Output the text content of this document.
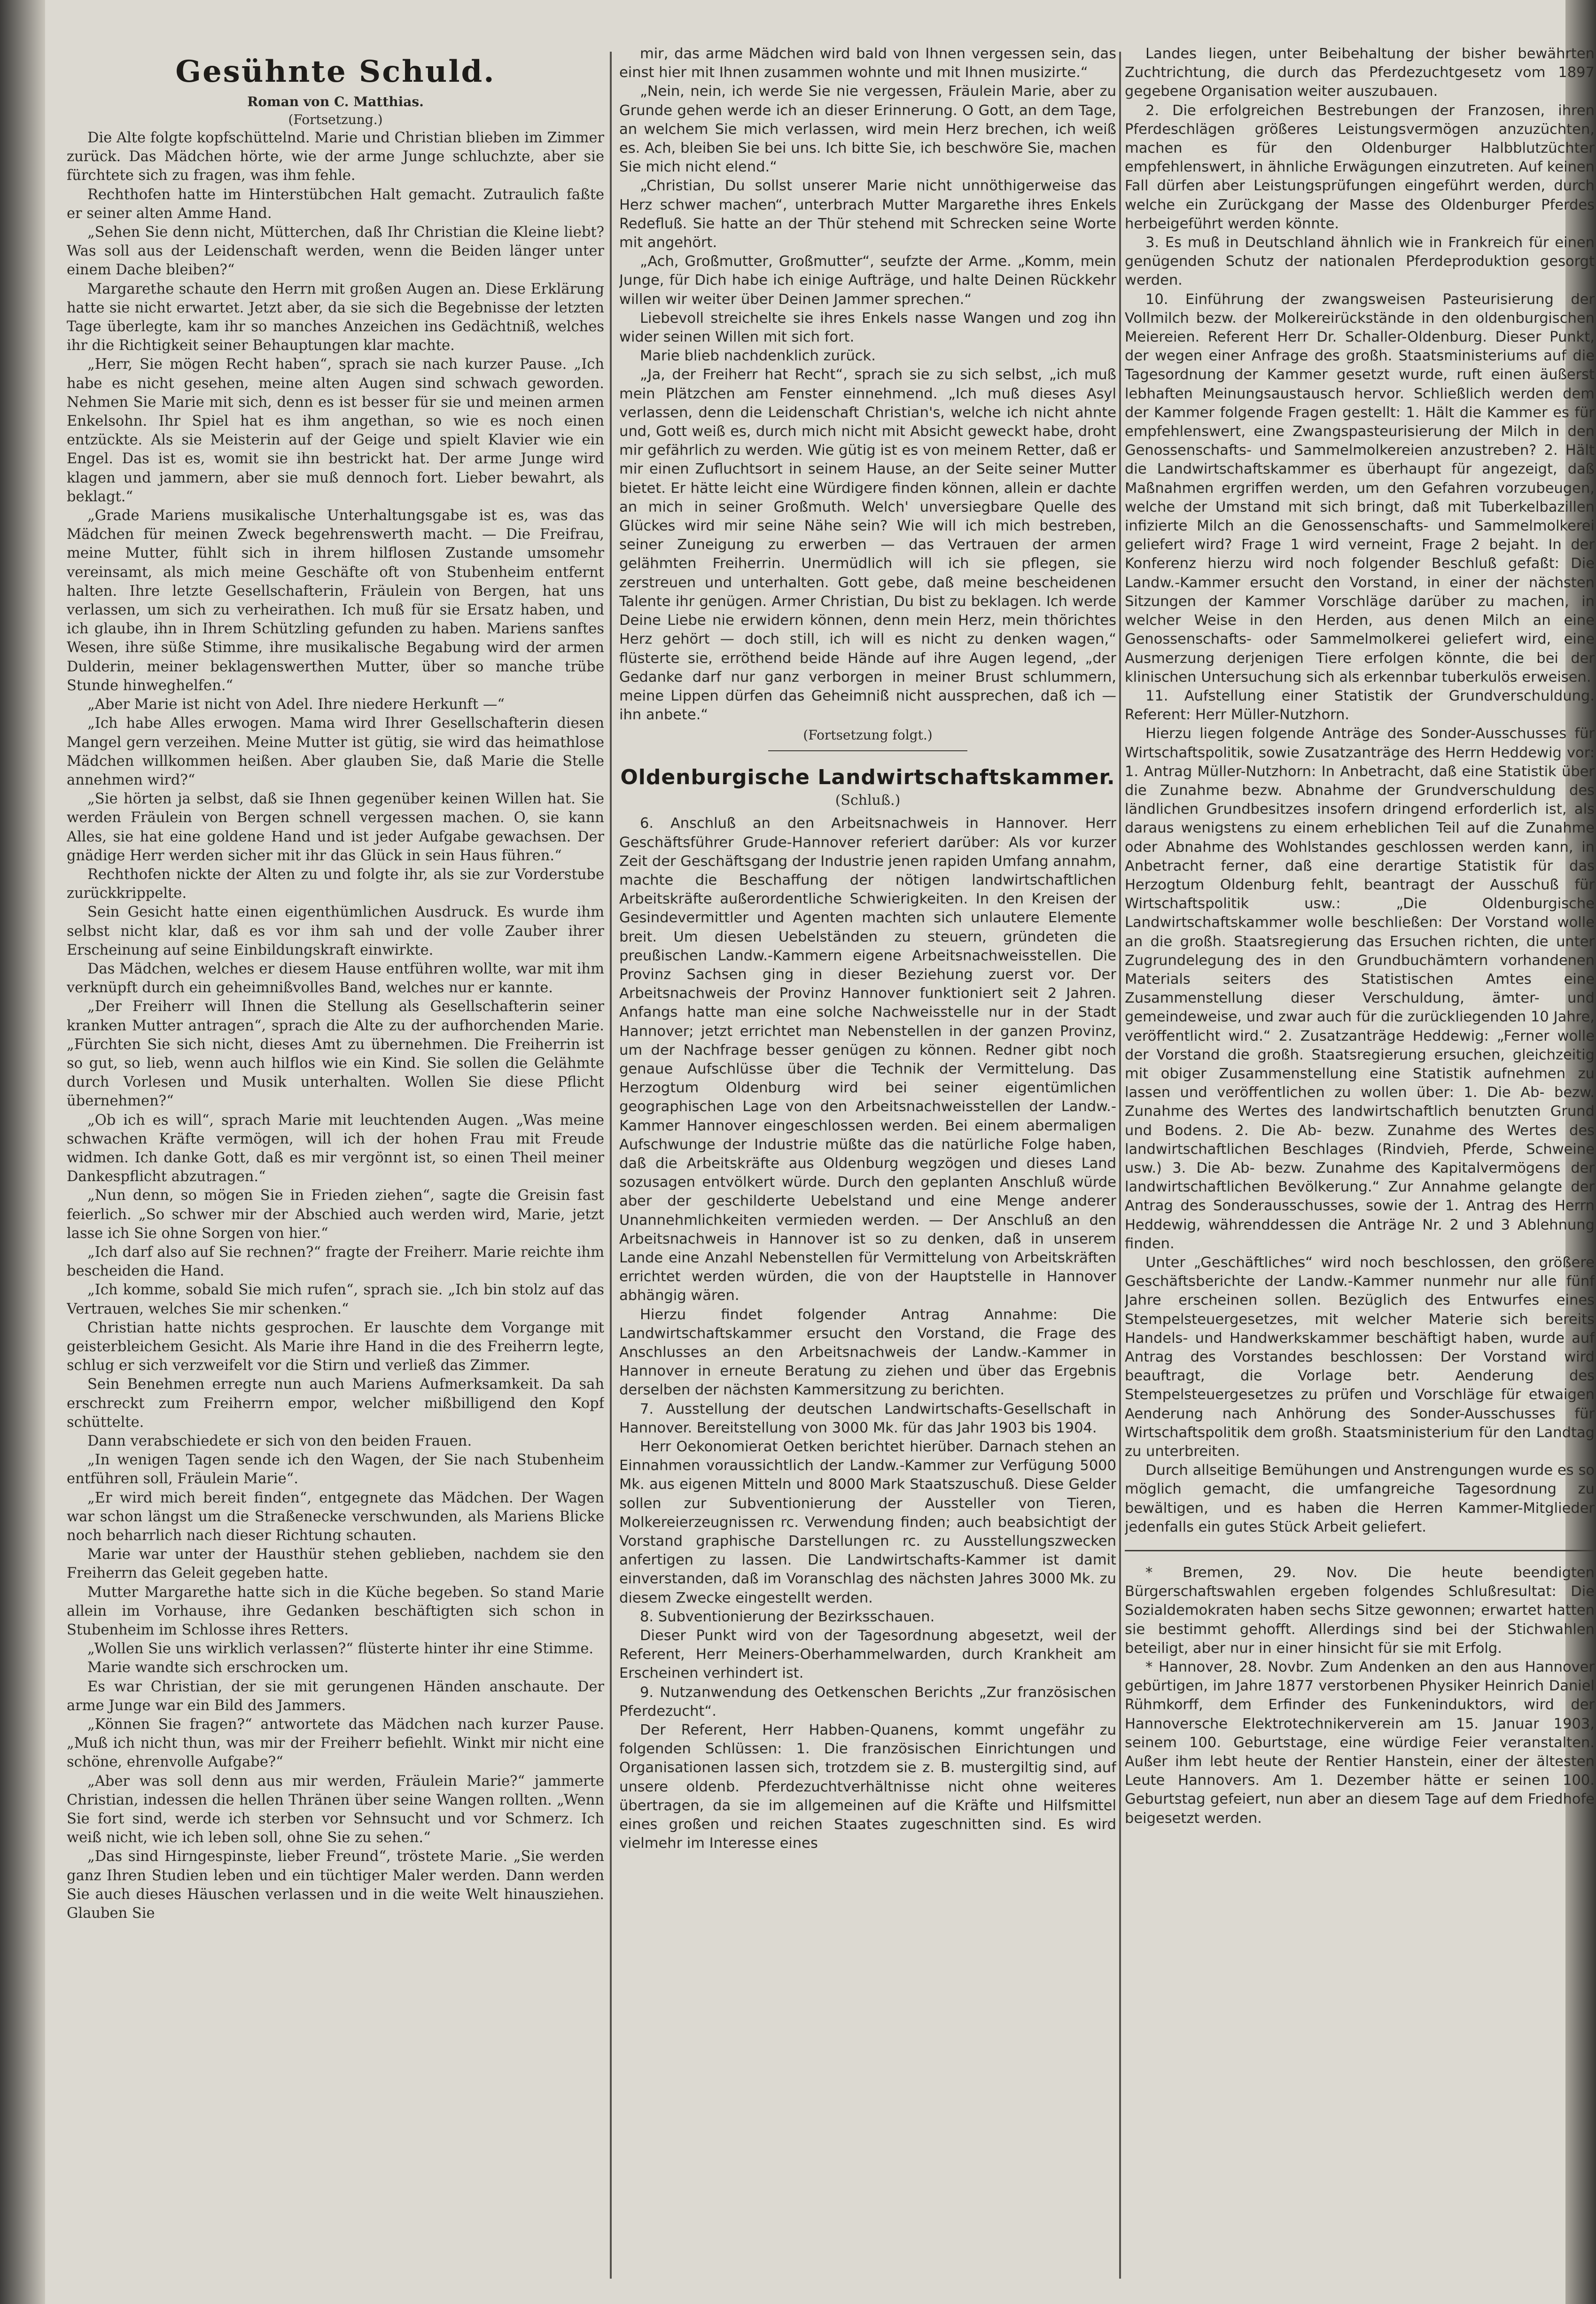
Gesühnte Schuld.
Roman von C. Matthias.
(Fortsetzung.)

Die Alte folgte kopfschüttelnd. Marie und Christian blieben im Zimmer zurück. Das Mädchen hörte, wie der arme Junge schluchzte, aber sie fürchtete sich zu fragen, was ihm fehle.

Rechthofen hatte im Hinterstübchen Halt gemacht. Zutraulich faßte er seiner alten Amme Hand.

„Sehen Sie denn nicht, Mütterchen, daß Ihr Christian die Kleine liebt? Was soll aus der Leidenschaft werden, wenn die Beiden länger unter einem Dache bleiben?“

Margarethe schaute den Herrn mit großen Augen an. Diese Erklärung hatte sie nicht erwartet. Jetzt aber, da sie sich die Begebnisse der letzten Tage überlegte, kam ihr so manches Anzeichen ins Gedächtniß, welches ihr die Richtigkeit seiner Behauptungen klar machte.

„Herr, Sie mögen Recht haben“, sprach sie nach kurzer Pause. „Ich habe es nicht gesehen, meine alten Augen sind schwach geworden. Nehmen Sie Marie mit sich, denn es ist besser für sie und meinen armen Enkelsohn. Ihr Spiel hat es ihm angethan, so wie es noch einen entzückte. Als sie Meisterin auf der Geige und spielt Klavier wie ein Engel. Das ist es, womit sie ihn bestrickt hat. Der arme Junge wird klagen und jammern, aber sie muß dennoch fort. Lieber bewahrt, als beklagt.“

„Grade Mariens musikalische Unterhaltungsgabe ist es, was das Mädchen für meinen Zweck begehrenswerth macht. — Die Freifrau, meine Mutter, fühlt sich in ihrem hilflosen Zustande umsomehr vereinsamt, als mich meine Geschäfte oft von Stubenheim entfernt halten. Ihre letzte Gesellschafterin, Fräulein von Bergen, hat uns verlassen, um sich zu verheirathen. Ich muß für sie Ersatz haben, und ich glaube, ihn in Ihrem Schützling gefunden zu haben. Mariens sanftes Wesen, ihre süße Stimme, ihre musikalische Begabung wird der armen Dulderin, meiner beklagenswerthen Mutter, über so manche trübe Stunde hinweghelfen.“

„Aber Marie ist nicht von Adel. Ihre niedere Herkunft —“

„Ich habe Alles erwogen. Mama wird Ihrer Gesellschafterin diesen Mangel gern verzeihen. Meine Mutter ist gütig, sie wird das heimathlose Mädchen willkommen heißen. Aber glauben Sie, daß Marie die Stelle annehmen wird?“

„Sie hörten ja selbst, daß sie Ihnen gegenüber keinen Willen hat. Sie werden Fräulein von Bergen schnell vergessen machen. O, sie kann Alles, sie hat eine goldene Hand und ist jeder Aufgabe gewachsen. Der gnädige Herr werden sicher mit ihr das Glück in sein Haus führen.“

Rechthofen nickte der Alten zu und folgte ihr, als sie zur Vorderstube zurückkrippelte.

Sein Gesicht hatte einen eigenthümlichen Ausdruck. Es wurde ihm selbst nicht klar, daß es vor ihm sah und der volle Zauber ihrer Erscheinung auf seine Einbildungskraft einwirkte.

Das Mädchen, welches er diesem Hause entführen wollte, war mit ihm verknüpft durch ein geheimnißvolles Band, welches nur er kannte.

„Der Freiherr will Ihnen die Stellung als Gesellschafterin seiner kranken Mutter antragen“, sprach die Alte zu der aufhorchenden Marie. „Fürchten Sie sich nicht, dieses Amt zu übernehmen. Die Freiherrin ist so gut, so lieb, wenn auch hilflos wie ein Kind. Sie sollen die Gelähmte durch Vorlesen und Musik unterhalten. Wollen Sie diese Pflicht übernehmen?“

„Ob ich es will“, sprach Marie mit leuchtenden Augen. „Was meine schwachen Kräfte vermögen, will ich der hohen Frau mit Freude widmen. Ich danke Gott, daß es mir vergönnt ist, so einen Theil meiner Dankespflicht abzutragen.“

„Nun denn, so mögen Sie in Frieden ziehen“, sagte die Greisin fast feierlich. „So schwer mir der Abschied auch werden wird, Marie, jetzt lasse ich Sie ohne Sorgen von hier.“

„Ich darf also auf Sie rechnen?“ fragte der Freiherr. Marie reichte ihm bescheiden die Hand.

„Ich komme, sobald Sie mich rufen“, sprach sie. „Ich bin stolz auf das Vertrauen, welches Sie mir schenken.“

Christian hatte nichts gesprochen. Er lauschte dem Vorgange mit geisterbleichem Gesicht. Als Marie ihre Hand in die des Freiherrn legte, schlug er sich verzweifelt vor die Stirn und verließ das Zimmer.

Sein Benehmen erregte nun auch Mariens Aufmerksamkeit. Da sah erschreckt zum Freiherrn empor, welcher mißbilligend den Kopf schüttelte.

Dann verabschiedete er sich von den beiden Frauen.

„In wenigen Tagen sende ich den Wagen, der Sie nach Stubenheim entführen soll, Fräulein Marie“.

„Er wird mich bereit finden“, entgegnete das Mädchen. Der Wagen war schon längst um die Straßenecke verschwunden, als Mariens Blicke noch beharrlich nach dieser Richtung schauten.

Marie war unter der Hausthür stehen geblieben, nachdem sie den Freiherrn das Geleit gegeben hatte.

Mutter Margarethe hatte sich in die Küche begeben. So stand Marie allein im Vorhause, ihre Gedanken beschäftigten sich schon in Stubenheim im Schlosse ihres Retters.

„Wollen Sie uns wirklich verlassen?“ flüsterte hinter ihr eine Stimme.

Marie wandte sich erschrocken um.

Es war Christian, der sie mit gerungenen Händen anschaute. Der arme Junge war ein Bild des Jammers.

„Können Sie fragen?“ antwortete das Mädchen nach kurzer Pause. „Muß ich nicht thun, was mir der Freiherr befiehlt. Winkt mir nicht eine schöne, ehrenvolle Aufgabe?“

„Aber was soll denn aus mir werden, Fräulein Marie?“ jammerte Christian, indessen die hellen Thränen über seine Wangen rollten. „Wenn Sie fort sind, werde ich sterben vor Sehnsucht und vor Schmerz. Ich weiß nicht, wie ich leben soll, ohne Sie zu sehen.“

„Das sind Hirngespinste, lieber Freund“, tröstete Marie. „Sie werden ganz Ihren Studien leben und ein tüchtiger Maler werden. Dann werden Sie auch dieses Häuschen verlassen und in die weite Welt hinausziehen. Glauben Sie

mir, das arme Mädchen wird bald von Ihnen vergessen sein, das einst hier mit Ihnen zusammen wohnte und mit Ihnen musizirte.“

„Nein, nein, ich werde Sie nie vergessen, Fräulein Marie, aber zu Grunde gehen werde ich an dieser Erinnerung. O Gott, an dem Tage, an welchem Sie mich verlassen, wird mein Herz brechen, ich weiß es. Ach, bleiben Sie bei uns. Ich bitte Sie, ich beschwöre Sie, machen Sie mich nicht elend.“

„Christian, Du sollst unserer Marie nicht unnöthigerweise das Herz schwer machen“, unterbrach Mutter Margarethe ihres Enkels Redefluß. Sie hatte an der Thür stehend mit Schrecken seine Worte mit angehört.

„Ach, Großmutter, Großmutter“, seufzte der Arme. „Komm, mein Junge, für Dich habe ich einige Aufträge, und halte Deinen Rückkehr willen wir weiter über Deinen Jammer sprechen.“

Liebevoll streichelte sie ihres Enkels nasse Wangen und zog ihn wider seinen Willen mit sich fort.

Marie blieb nachdenklich zurück.

„Ja, der Freiherr hat Recht“, sprach sie zu sich selbst, „ich muß mein Plätzchen am Fenster einnehmend. „Ich muß dieses Asyl verlassen, denn die Leidenschaft Christian's, welche ich nicht ahnte und, Gott weiß es, durch mich nicht mit Absicht geweckt habe, droht mir gefährlich zu werden. Wie gütig ist es von meinem Retter, daß er mir einen Zufluchtsort in seinem Hause, an der Seite seiner Mutter bietet. Er hätte leicht eine Würdigere finden können, allein er dachte an mich in seiner Großmuth. Welch' unversiegbare Quelle des Glückes wird mir seine Nähe sein? Wie will ich mich bestreben, seiner Zuneigung zu erwerben — das Vertrauen der armen gelähmten Freiherrin. Unermüdlich will ich sie pflegen, sie zerstreuen und unterhalten. Gott gebe, daß meine bescheidenen Talente ihr genügen. Armer Christian, Du bist zu beklagen. Ich werde Deine Liebe nie erwidern können, denn mein Herz, mein thörichtes Herz gehört — doch still, ich will es nicht zu denken wagen,“ flüsterte sie, erröthend beide Hände auf ihre Augen legend, „der Gedanke darf nur ganz verborgen in meiner Brust schlummern, meine Lippen dürfen das Geheimniß nicht aussprechen, daß ich — ihn anbete.“

(Fortsetzung folgt.)
Oldenburgische Landwirtschaftskammer.
(Schluß.)

6. Anschluß an den Arbeitsnachweis in Hannover. Herr Geschäftsführer Grude-Hannover referiert darüber: Als vor kurzer Zeit der Geschäftsgang der Industrie jenen rapiden Umfang annahm, machte die Beschaffung der nötigen landwirtschaftlichen Arbeitskräfte außerordentliche Schwierigkeiten. In den Kreisen der Gesindevermittler und Agenten machten sich unlautere Elemente breit. Um diesen Uebelständen zu steuern, gründeten die preußischen Landw.-Kammern eigene Arbeitsnachweisstellen. Die Provinz Sachsen ging in dieser Beziehung zuerst vor. Der Arbeitsnachweis der Provinz Hannover funktioniert seit 2 Jahren. Anfangs hatte man eine solche Nachweisstelle nur in der Stadt Hannover; jetzt errichtet man Nebenstellen in der ganzen Provinz, um der Nachfrage besser genügen zu können. Redner gibt noch genaue Aufschlüsse über die Technik der Vermittelung. Das Herzogtum Oldenburg wird bei seiner eigentümlichen geographischen Lage von den Arbeitsnachweisstellen der Landw.-Kammer Hannover eingeschlossen werden. Bei einem abermaligen Aufschwunge der Industrie müßte das die natürliche Folge haben, daß die Arbeitskräfte aus Oldenburg wegzögen und dieses Land sozusagen entvölkert würde. Durch den geplanten Anschluß würde aber der geschilderte Uebelstand und eine Menge anderer Unannehmlichkeiten vermieden werden. — Der Anschluß an den Arbeitsnachweis in Hannover ist so zu denken, daß in unserem Lande eine Anzahl Nebenstellen für Vermittelung von Arbeitskräften errichtet werden würden, die von der Hauptstelle in Hannover abhängig wären.

Hierzu findet folgender Antrag Annahme: Die Landwirtschaftskammer ersucht den Vorstand, die Frage des Anschlusses an den Arbeitsnachweis der Landw.-Kammer in Hannover in erneute Beratung zu ziehen und über das Ergebnis derselben der nächsten Kammersitzung zu berichten.

7. Ausstellung der deutschen Landwirtschafts-Gesellschaft in Hannover. Bereitstellung von 3000 Mk. für das Jahr 1903 bis 1904.

Herr Oekonomierat Oetken berichtet hierüber. Darnach stehen an Einnahmen voraussichtlich der Landw.-Kammer zur Verfügung 5000 Mk. aus eigenen Mitteln und 8000 Mark Staatszuschuß. Diese Gelder sollen zur Subventionierung der Aussteller von Tieren, Molkereierzeugnissen rc. Verwendung finden; auch beabsichtigt der Vorstand graphische Darstellungen rc. zu Ausstellungszwecken anfertigen zu lassen. Die Landwirtschafts-Kammer ist damit einverstanden, daß im Voranschlag des nächsten Jahres 3000 Mk. zu diesem Zwecke eingestellt werden.

8. Subventionierung der Bezirksschauen.

Dieser Punkt wird von der Tagesordnung abgesetzt, weil der Referent, Herr Meiners-Oberhammelwarden, durch Krankheit am Erscheinen verhindert ist.

9. Nutzanwendung des Oetkenschen Berichts „Zur französischen Pferdezucht“.

Der Referent, Herr Habben-Quanens, kommt ungefähr zu folgenden Schlüssen: 1. Die französischen Einrichtungen und Organisationen lassen sich, trotzdem sie z. B. mustergiltig sind, auf unsere oldenb. Pferdezuchtverhältnisse nicht ohne weiteres übertragen, da sie im allgemeinen auf die Kräfte und Hilfsmittel eines großen und reichen Staates zugeschnitten sind. Es wird vielmehr im Interesse eines

Landes liegen, unter Beibehaltung der bisher bewährten Zuchtrichtung, die durch das Pferdezuchtgesetz vom 1897 gegebene Organisation weiter auszubauen.

2. Die erfolgreichen Bestrebungen der Franzosen, ihren Pferdeschlägen größeres Leistungsvermögen anzuzüchten, machen es für den Oldenburger Halbblutzüchter empfehlenswert, in ähnliche Erwägungen einzutreten. Auf keinen Fall dürfen aber Leistungsprüfungen eingeführt werden, durch welche ein Zurückgang der Masse des Oldenburger Pferdes herbeigeführt werden könnte.

3. Es muß in Deutschland ähnlich wie in Frankreich für einen genügenden Schutz der nationalen Pferdeproduktion gesorgt werden.

10. Einführung der zwangsweisen Pasteurisierung der Vollmilch bezw. der Molkereirückstände in den oldenburgischen Meiereien. Referent Herr Dr. Schaller-Oldenburg. Dieser Punkt, der wegen einer Anfrage des großh. Staatsministeriums auf die Tagesordnung der Kammer gesetzt wurde, ruft einen äußerst lebhaften Meinungsaustausch hervor. Schließlich werden dem der Kammer folgende Fragen gestellt: 1. Hält die Kammer es für empfehlenswert, eine Zwangspasteurisierung der Milch in den Genossenschafts- und Sammelmolkereien anzustreben? 2. Hält die Landwirtschaftskammer es überhaupt für angezeigt, daß Maßnahmen ergriffen werden, um den Gefahren vorzubeugen, welche der Umstand mit sich bringt, daß mit Tuberkelbazillen infizierte Milch an die Genossenschafts- und Sammelmolkerei geliefert wird? Frage 1 wird verneint, Frage 2 bejaht. In der Konferenz hierzu wird noch folgender Beschluß gefaßt: Die Landw.-Kammer ersucht den Vorstand, in einer der nächsten Sitzungen der Kammer Vorschläge darüber zu machen, in welcher Weise in den Herden, aus denen Milch an eine Genossenschafts- oder Sammelmolkerei geliefert wird, eine Ausmerzung derjenigen Tiere erfolgen könnte, die bei der klinischen Untersuchung sich als erkennbar tuberkulös erweisen.

11. Aufstellung einer Statistik der Grundverschuldung. Referent: Herr Müller-Nutzhorn.

Hierzu liegen folgende Anträge des Sonder-Ausschusses für Wirtschaftspolitik, sowie Zusatzanträge des Herrn Heddewig vor: 1. Antrag Müller-Nutzhorn: In Anbetracht, daß eine Statistik über die Zunahme bezw. Abnahme der Grundverschuldung des ländlichen Grundbesitzes insofern dringend erforderlich ist, als daraus wenigstens zu einem erheblichen Teil auf die Zunahme oder Abnahme des Wohlstandes geschlossen werden kann, in Anbetracht ferner, daß eine derartige Statistik für das Herzogtum Oldenburg fehlt, beantragt der Ausschuß für Wirtschaftspolitik usw.: „Die Oldenburgische Landwirtschaftskammer wolle beschließen: Der Vorstand wolle an die großh. Staatsregierung das Ersuchen richten, die unter Zugrundelegung des in den Grundbuchämtern vorhandenen Materials seiters des Statistischen Amtes eine Zusammenstellung dieser Verschuldung, ämter- und gemeindeweise, und zwar auch für die zurückliegenden 10 Jahre, veröffentlicht wird.“ 2. Zusatzanträge Heddewig: „Ferner wolle der Vorstand die großh. Staatsregierung ersuchen, gleichzeitig mit obiger Zusammenstellung eine Statistik aufnehmen zu lassen und veröffentlichen zu wollen über: 1. Die Ab- bezw. Zunahme des Wertes des landwirtschaftlich benutzten Grund und Bodens. 2. Die Ab- bezw. Zunahme des Wertes des landwirtschaftlichen Beschlages (Rindvieh, Pferde, Schweine usw.) 3. Die Ab- bezw. Zunahme des Kapitalvermögens der landwirtschaftlichen Bevölkerung.“ Zur Annahme gelangte der Antrag des Sonderausschusses, sowie der 1. Antrag des Herrn Heddewig, währenddessen die Anträge Nr. 2 und 3 Ablehnung finden.

Unter „Geschäftliches“ wird noch beschlossen, den größere Geschäftsberichte der Landw.-Kammer nunmehr nur alle fünf Jahre erscheinen sollen. Bezüglich des Entwurfes eines Stempelsteuergesetzes, mit welcher Materie sich bereits Handels- und Handwerkskammer beschäftigt haben, wurde auf Antrag des Vorstandes beschlossen: Der Vorstand wird beauftragt, die Vorlage betr. Aenderung des Stempelsteuergesetzes zu prüfen und Vorschläge für etwaigen Aenderung nach Anhörung des Sonder-Ausschusses für Wirtschaftspolitik dem großh. Staatsministerium für den Landtag zu unterbreiten.

Durch allseitige Bemühungen und Anstrengungen wurde es so möglich gemacht, die umfangreiche Tagesordnung zu bewältigen, und es haben die Herren Kammer-Mitglieder jedenfalls ein gutes Stück Arbeit geliefert.

* Bremen, 29. Nov. Die heute beendigten Bürgerschaftswahlen ergeben folgendes Schlußresultat: Die Sozialdemokraten haben sechs Sitze gewonnen; erwartet hatten sie bestimmt gehofft. Allerdings sind bei der Stichwahlen beteiligt, aber nur in einer hinsicht für sie mit Erfolg.

* Hannover, 28. Novbr. Zum Andenken an den aus Hannover gebürtigen, im Jahre 1877 verstorbenen Physiker Heinrich Daniel Rühmkorff, dem Erfinder des Funkeninduktors, wird der Hannoversche Elektrotechnikerverein am 15. Januar 1903, seinem 100. Geburtstage, eine würdige Feier veranstalten. Außer ihm lebt heute der Rentier Hanstein, einer der ältesten Leute Hannovers. Am 1. Dezember hätte er seinen 100. Geburtstag gefeiert, nun aber an diesem Tage auf dem Friedhofe beigesetzt werden.
